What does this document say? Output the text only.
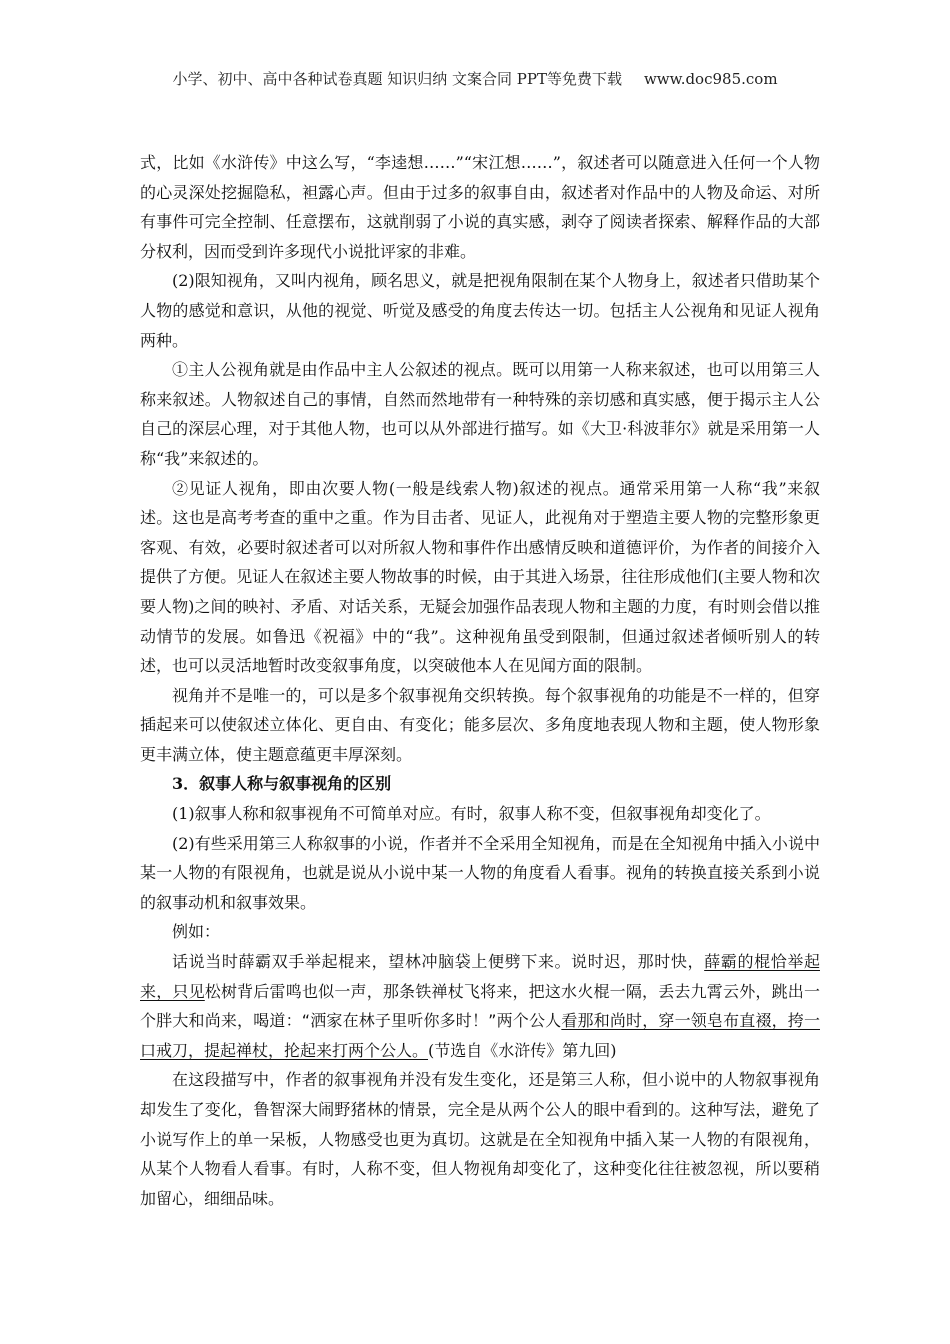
小学、初中、高中各种试卷真题 知识归纳 文案合同 PPT等免费下载 www.doc985.com

式，比如《水浒传》中这么写，“李逵想……”“宋江想……”，叙述者可以随意进入任何一个人物的心灵深处挖掘隐私，袒露心声。但由于过多的叙事自由，叙述者对作品中的人物及命运、对所有事件可完全控制、任意摆布，这就削弱了小说的真实感，剥夺了阅读者探索、解释作品的大部分权利，因而受到许多现代小说批评家的非难。

(2)限知视角，又叫内视角，顾名思义，就是把视角限制在某个人物身上，叙述者只借助某个人物的感觉和意识，从他的视觉、听觉及感受的角度去传达一切。包括主人公视角和见证人视角两种。

①主人公视角就是由作品中主人公叙述的视点。既可以用第一人称来叙述，也可以用第三人称来叙述。人物叙述自己的事情，自然而然地带有一种特殊的亲切感和真实感，便于揭示主人公自己的深层心理，对于其他人物，也可以从外部进行描写。如《大卫·科波菲尔》就是采用第一人称“我”来叙述的。

②见证人视角，即由次要人物(一般是线索人物)叙述的视点。通常采用第一人称“我”来叙述。这也是高考考查的重中之重。作为目击者、见证人，此视角对于塑造主要人物的完整形象更客观、有效，必要时叙述者可以对所叙人物和事件作出感情反映和道德评价，为作者的间接介入提供了方便。见证人在叙述主要人物故事的时候，由于其进入场景，往往形成他们(主要人物和次要人物)之间的映衬、矛盾、对话关系，无疑会加强作品表现人物和主题的力度，有时则会借以推动情节的发展。如鲁迅《祝福》中的“我”。这种视角虽受到限制，但通过叙述者倾听别人的转述，也可以灵活地暂时改变叙事角度，以突破他本人在见闻方面的限制。

视角并不是唯一的，可以是多个叙事视角交织转换。每个叙事视角的功能是不一样的，但穿插起来可以使叙述立体化、更自由、有变化；能多层次、多角度地表现人物和主题，使人物形象更丰满立体，使主题意蕴更丰厚深刻。

3．叙事人称与叙事视角的区别

(1)叙事人称和叙事视角不可简单对应。有时，叙事人称不变，但叙事视角却变化了。

(2)有些采用第三人称叙事的小说，作者并不全采用全知视角，而是在全知视角中插入小说中某一人物的有限视角，也就是说从小说中某一人物的角度看人看事。视角的转换直接关系到小说的叙事动机和叙事效果。

例如：

话说当时薛霸双手举起棍来，望林冲脑袋上便劈下来。说时迟，那时快，薛霸的棍恰举起来，只见松树背后雷鸣也似一声，那条铁禅杖飞将来，把这水火棍一隔，丢去九霄云外，跳出一个胖大和尚来，喝道：“洒家在林子里听你多时！”两个公人看那和尚时，穿一领皂布直裰，挎一口戒刀，提起禅杖，抡起来打两个公人。(节选自《水浒传》第九回)

在这段描写中，作者的叙事视角并没有发生变化，还是第三人称，但小说中的人物叙事视角却发生了变化，鲁智深大闹野猪林的情景，完全是从两个公人的眼中看到的。这种写法，避免了小说写作上的单一呆板，人物感受也更为真切。这就是在全知视角中插入某一人物的有限视角，从某个人物看人看事。有时，人称不变，但人物视角却变化了，这种变化往往被忽视，所以要稍加留心，细细品味。
